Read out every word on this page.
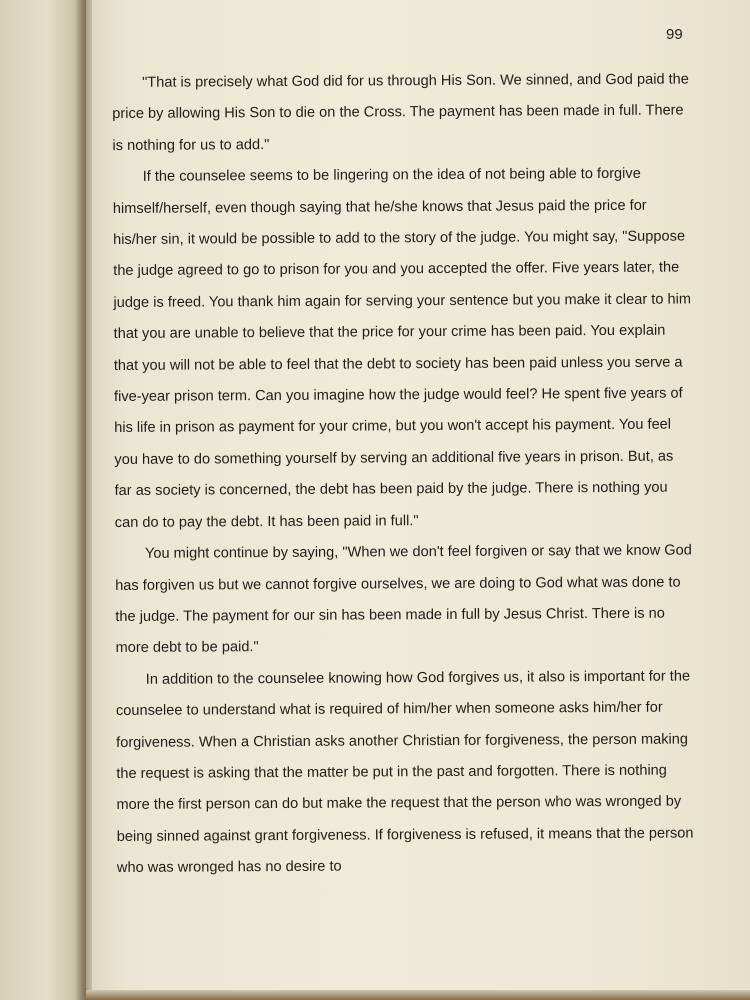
99

"That is precisely what God did for us through His Son. We sinned, and God paid the price by allowing His Son to die on the Cross. The payment has been made in full. There is nothing for us to add."

If the counselee seems to be lingering on the idea of not being able to forgive himself/herself, even though saying that he/she knows that Jesus paid the price for his/her sin, it would be possible to add to the story of the judge. You might say, "Suppose the judge agreed to go to prison for you and you accepted the offer. Five years later, the judge is freed. You thank him again for serving your sentence but you make it clear to him that you are unable to believe that the price for your crime has been paid. You explain that you will not be able to feel that the debt to society has been paid unless you serve a five-year prison term. Can you imagine how the judge would feel? He spent five years of his life in prison as payment for your crime, but you won't accept his payment. You feel you have to do something yourself by serving an additional five years in prison. But, as far as society is concerned, the debt has been paid by the judge. There is nothing you can do to pay the debt. It has been paid in full."

You might continue by saying, "When we don't feel forgiven or say that we know God has forgiven us but we cannot forgive ourselves, we are doing to God what was done to the judge. The payment for our sin has been made in full by Jesus Christ. There is no more debt to be paid."

In addition to the counselee knowing how God forgives us, it also is important for the counselee to understand what is required of him/her when someone asks him/her for forgiveness. When a Christian asks another Christian for forgiveness, the person making the request is asking that the matter be put in the past and forgotten. There is nothing more the first person can do but make the request that the person who was wronged by being sinned against grant forgiveness. If forgiveness is refused, it means that the person who was wronged has no desire to
